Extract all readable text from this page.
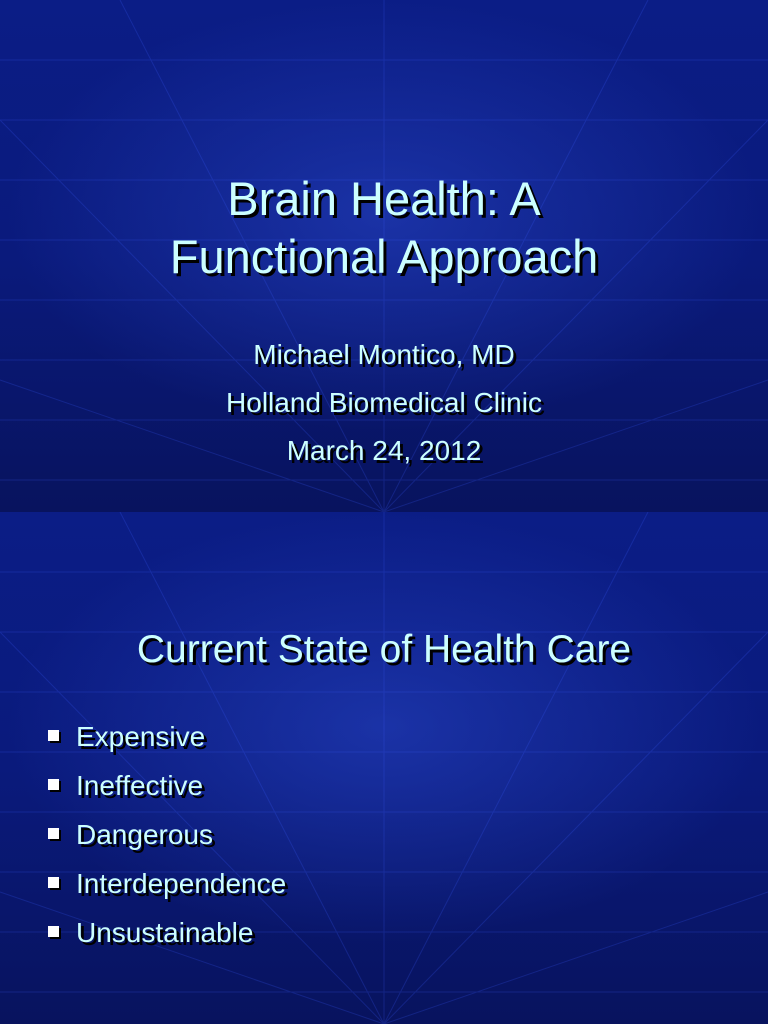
Brain Health: A
Functional Approach
Michael Montico, MD
Holland Biomedical Clinic
March 24, 2012
Current State of Health Care
Expensive
Ineffective
Dangerous
Interdependence
Unsustainable
